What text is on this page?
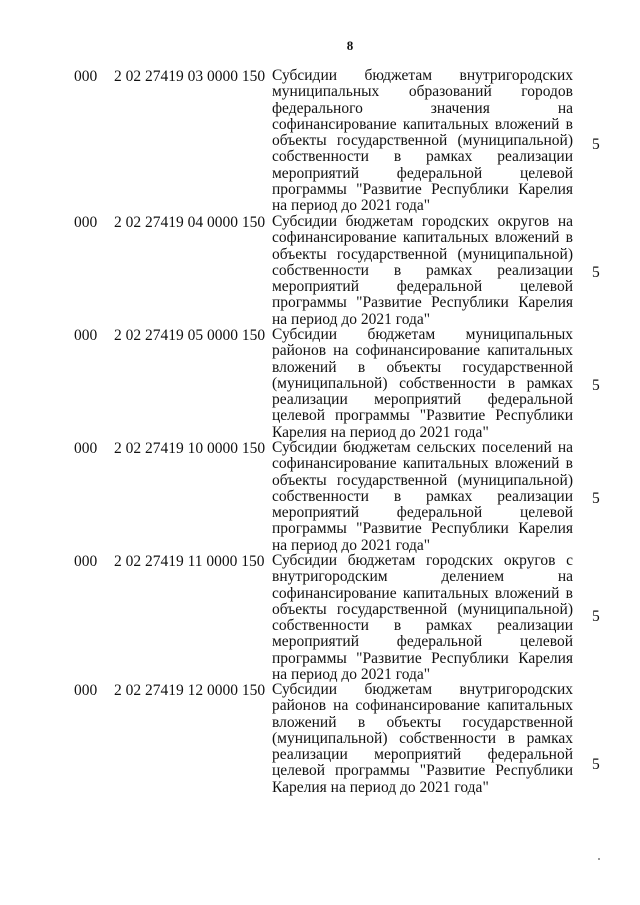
8
000 2 02 27419 03 0000 150 Субсидии бюджетам внутригородских муниципальных образований городов федерального значения на софинансирование капитальных вложений в объекты государственной (муниципальной) собственности в рамках реализации мероприятий федеральной целевой программы "Развитие Республики Карелия на период до 2021 года"
5
000 2 02 27419 04 0000 150 Субсидии бюджетам городских округов на софинансирование капитальных вложений в объекты государственной (муниципальной) собственности в рамках реализации мероприятий федеральной целевой программы "Развитие Республики Карелия на период до 2021 года"
5
000 2 02 27419 05 0000 150 Субсидии бюджетам муниципальных районов на софинансирование капитальных вложений в объекты государственной (муниципальной) собственности в рамках реализации мероприятий федеральной целевой программы "Развитие Республики Карелия на период до 2021 года"
5
000 2 02 27419 10 0000 150 Субсидии бюджетам сельских поселений на софинансирование капитальных вложений в объекты государственной (муниципальной) собственности в рамках реализации мероприятий федеральной целевой программы "Развитие Республики Карелия на период до 2021 года"
5
000 2 02 27419 11 0000 150 Субсидии бюджетам городских округов с внутригородским делением на софинансирование капитальных вложений в объекты государственной (муниципальной) собственности в рамках реализации мероприятий федеральной целевой программы "Развитие Республики Карелия на период до 2021 года"
5
000 2 02 27419 12 0000 150 Субсидии бюджетам внутригородских районов на софинансирование капитальных вложений в объекты государственной (муниципальной) собственности в рамках реализации мероприятий федеральной целевой программы "Развитие Республики Карелия на период до 2021 года"
5
